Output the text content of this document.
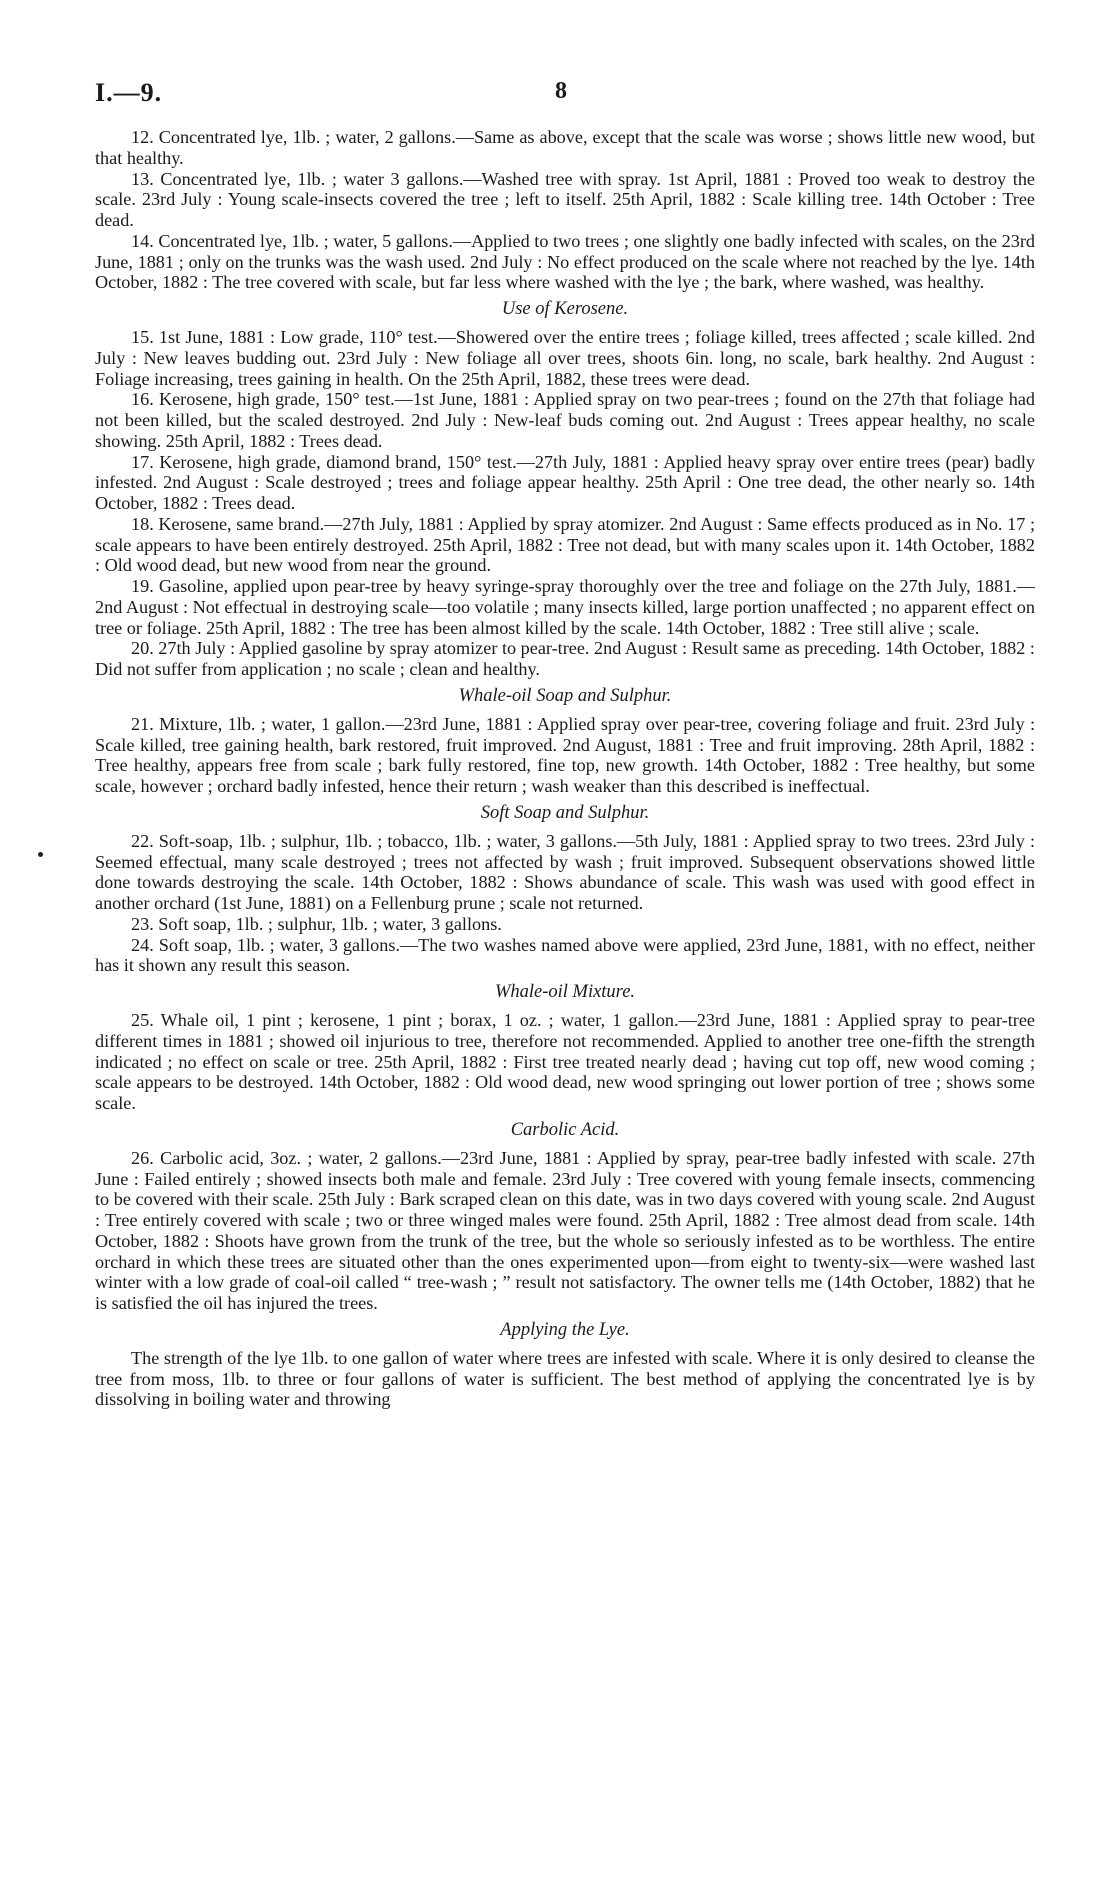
I.—9.	8

12. Concentrated lye, 1lb. ; water, 2 gallons.—Same as above, except that the scale was worse ; shows little new wood, but that healthy.

13. Concentrated lye, 1lb. ; water 3 gallons.—Washed tree with spray. 1st April, 1881 : Proved too weak to destroy the scale. 23rd July : Young scale-insects covered the tree ; left to itself. 25th April, 1882 : Scale killing tree. 14th October : Tree dead.

14. Concentrated lye, 1lb. ; water, 5 gallons.—Applied to two trees ; one slightly one badly infected with scales, on the 23rd June, 1881 ; only on the trunks was the wash used. 2nd July : No effect produced on the scale where not reached by the lye. 14th October, 1882 : The tree covered with scale, but far less where washed with the lye ; the bark, where washed, was healthy.

Use of Kerosene.

15. 1st June, 1881 : Low grade, 110° test.—Showered over the entire trees ; foliage killed, trees affected ; scale killed. 2nd July : New leaves budding out. 23rd July : New foliage all over trees, shoots 6in. long, no scale, bark healthy. 2nd August : Foliage increasing, trees gaining in health. On the 25th April, 1882, these trees were dead.

16. Kerosene, high grade, 150° test.—1st June, 1881 : Applied spray on two pear-trees ; found on the 27th that foliage had not been killed, but the scaled destroyed. 2nd July : New-leaf buds coming out. 2nd August : Trees appear healthy, no scale showing. 25th April, 1882 : Trees dead.

17. Kerosene, high grade, diamond brand, 150° test.—27th July, 1881 : Applied heavy spray over entire trees (pear) badly infested. 2nd August : Scale destroyed ; trees and foliage appear healthy. 25th April : One tree dead, the other nearly so. 14th October, 1882 : Trees dead.

18. Kerosene, same brand.—27th July, 1881 : Applied by spray atomizer. 2nd August : Same effects produced as in No. 17 ; scale appears to have been entirely destroyed. 25th April, 1882 : Tree not dead, but with many scales upon it. 14th October, 1882 : Old wood dead, but new wood from near the ground.

19. Gasoline, applied upon pear-tree by heavy syringe-spray thoroughly over the tree and foliage on the 27th July, 1881.—2nd August : Not effectual in destroying scale—too volatile ; many insects killed, large portion unaffected ; no apparent effect on tree or foliage. 25th April, 1882 : The tree has been almost killed by the scale. 14th October, 1882 : Tree still alive ; scale.

20. 27th July : Applied gasoline by spray atomizer to pear-tree. 2nd August : Result same as preceding. 14th October, 1882 : Did not suffer from application ; no scale ; clean and healthy.

Whale-oil Soap and Sulphur.

21. Mixture, 1lb. ; water, 1 gallon.—23rd June, 1881 : Applied spray over pear-tree, covering foliage and fruit. 23rd July : Scale killed, tree gaining health, bark restored, fruit improved. 2nd August, 1881 : Tree and fruit improving. 28th April, 1882 : Tree healthy, appears free from scale ; bark fully restored, fine top, new growth. 14th October, 1882 : Tree healthy, but some scale, however ; orchard badly infested, hence their return ; wash weaker than this described is ineffectual.

Soft Soap and Sulphur.

22. Soft-soap, 1lb. ; sulphur, 1lb. ; tobacco, 1lb. ; water, 3 gallons.—5th July, 1881 : Applied spray to two trees. 23rd July : Seemed effectual, many scale destroyed ; trees not affected by wash ; fruit improved. Subsequent observations showed little done towards destroying the scale. 14th October, 1882 : Shows abundance of scale. This wash was used with good effect in another orchard (1st June, 1881) on a Fellenburg prune ; scale not returned.

23. Soft soap, 1lb. ; sulphur, 1lb. ; water, 3 gallons.

24. Soft soap, 1lb. ; water, 3 gallons.—The two washes named above were applied, 23rd June, 1881, with no effect, neither has it shown any result this season.

Whale-oil Mixture.

25. Whale oil, 1 pint ; kerosene, 1 pint ; borax, 1 oz. ; water, 1 gallon.—23rd June, 1881 : Applied spray to pear-tree different times in 1881 ; showed oil injurious to tree, therefore not recommended. Applied to another tree one-fifth the strength indicated ; no effect on scale or tree. 25th April, 1882 : First tree treated nearly dead ; having cut top off, new wood coming ; scale appears to be destroyed. 14th October, 1882 : Old wood dead, new wood springing out lower portion of tree ; shows some scale.

Carbolic Acid.

26. Carbolic acid, 3oz. ; water, 2 gallons.—23rd June, 1881 : Applied by spray, pear-tree badly infested with scale. 27th June : Failed entirely ; showed insects both male and female. 23rd July : Tree covered with young female insects, commencing to be covered with their scale. 25th July : Bark scraped clean on this date, was in two days covered with young scale. 2nd August : Tree entirely covered with scale ; two or three winged males were found. 25th April, 1882 : Tree almost dead from scale. 14th October, 1882 : Shoots have grown from the trunk of the tree, but the whole so seriously infested as to be worthless. The entire orchard in which these trees are situated other than the ones experimented upon—from eight to twenty-six—were washed last winter with a low grade of coal-oil called “ tree-wash ; ” result not satisfactory. The owner tells me (14th October, 1882) that he is satisfied the oil has injured the trees.

Applying the Lye.

The strength of the lye 1lb. to one gallon of water where trees are infested with scale. Where it is only desired to cleanse the tree from moss, 1lb. to three or four gallons of water is sufficient. The best method of applying the concentrated lye is by dissolving in boiling water and throwing
